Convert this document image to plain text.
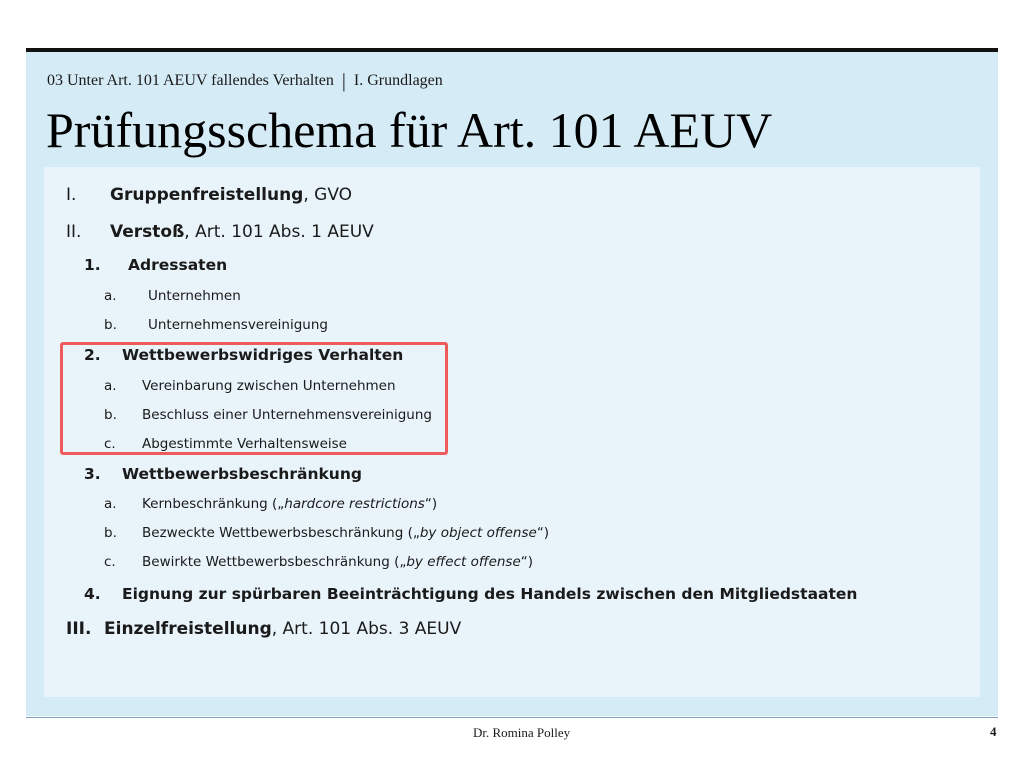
03 Unter Art. 101 AEUV fallendes Verhalten | I. Grundlagen
Prüfungsschema für Art. 101 AEUV
I. Gruppenfreistellung, GVO
II. Verstoß, Art. 101 Abs. 1 AEUV
1. Adressaten
a. Unternehmen
b. Unternehmensvereinigung
2. Wettbewerbswidriges Verhalten
a. Vereinbarung zwischen Unternehmen
b. Beschluss einer Unternehmensvereinigung
c. Abgestimmte Verhaltensweise
3. Wettbewerbsbeschränkung
a. Kernbeschränkung („hardcore restrictions“)
b. Bezweckte Wettbewerbsbeschränkung („by object offense“)
c. Bewirkte Wettbewerbsbeschränkung („by effect offense“)
4. Eignung zur spürbaren Beeinträchtigung des Handels zwischen den Mitgliedstaaten
III. Einzelfreistellung, Art. 101 Abs. 3 AEUV
Dr. Romina Polley	4
